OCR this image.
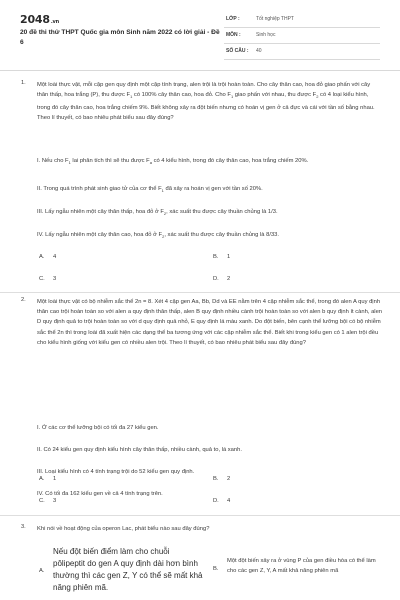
2048.vn
20 đề thi thử THPT Quốc gia môn Sinh năm 2022 có lời giải - Đề 6
LỚP :	Tốt nghiệp THPT
MÔN :	Sinh học
SỐ CÂU : 40
1. Một loài thực vật, mỗi cặp gen quy định một cặp tính trạng, alen trội là trội hoàn toàn. Cho cây thân cao, hoa đỏ giao phấn với cây thân thấp, hoa trắng (P), thu được $F_1$ có 100% cây thân cao, hoa đỏ. Cho $F_1$ giao phấn với nhau, thu được $F_2$ có 4 loại kiểu hình, trong đó cây thân cao, hoa trắng chiếm 9%. Biết không xảy ra đột biến nhưng có hoán vị gen ở cả đực và cái với tần số bằng nhau. Theo lí thuyết, có bao nhiêu phát biểu sau đây đúng?
I. Nếu cho $F_1$ lai phân tích thì sẽ thu được $F_a$ có 4 kiểu hình, trong đó cây thân cao, hoa trắng chiếm 20%.
II. Trong quá trình phát sinh giao tử của cơ thể $F_1$ đã xảy ra hoán vị gen với tần số 20%.
III. Lấy ngẫu nhiên một cây thân thấp, hoa đỏ ở $F_2$, xác suất thu được cây thuần chủng là 1/3.
IV. Lấy ngẫu nhiên một cây thân cao, hoa đỏ ở $F_2$, xác suất thu được cây thuần chủng là 8/33.
A. 4	B. 1
C. 3	D. 2
2. Một loài thực vật có bộ nhiễm sắc thể 2n = 8. Xét 4 cặp gen Aa, Bb, Dd và EE nằm trên 4 cặp nhiễm sắc thể, trong đó alen A quy định thân cao trội hoàn toàn so với alen a quy định thân thấp, alen B quy định nhiều cành trội hoàn toàn so với alen b quy định ít cành, alen D quy định quả to trội hoàn toàn so với d quy định quả nhỏ, E quy định lá màu xanh. Do đột biến, bên cạnh thể lưỡng bội có bộ nhiễm sắc thể 2n thì trong loài đã xuất hiện các dạng thể ba tương ứng với các cặp nhiễm sắc thể. Biết khi trong kiểu gen có 1 alen trội đều cho kiểu hình giống với kiểu gen có nhiều alen trội. Theo lí thuyết, có bao nhiêu phát biểu sau đây đúng?
I. Ở các cơ thể lưỡng bội có tối đa 27 kiểu gen.
II. Có 24 kiểu gen quy định kiểu hình cây thân thấp, nhiều cành, quả to, lá xanh.
III. Loại kiểu hình có 4 tính trạng trội do 52 kiểu gen quy định.
IV. Có tối đa 162 kiểu gen về cả 4 tính trạng trên.
A. 1	B. 2
C. 3	D. 4
3. Khi nói về hoạt động của operon Lac, phát biểu nào sau đây đúng?
A.
Nếu đột biến điểm làm cho chuỗi pôlipeptit do gen A quy định dài hơn bình thường thì các gen Z, Y có thể sẽ mất khả năng phiên mã.
B.
Một đột biến xảy ra ở vùng P của gen điều hòa có thể làm cho các gen Z, Y, A mất khả năng phiên mã
